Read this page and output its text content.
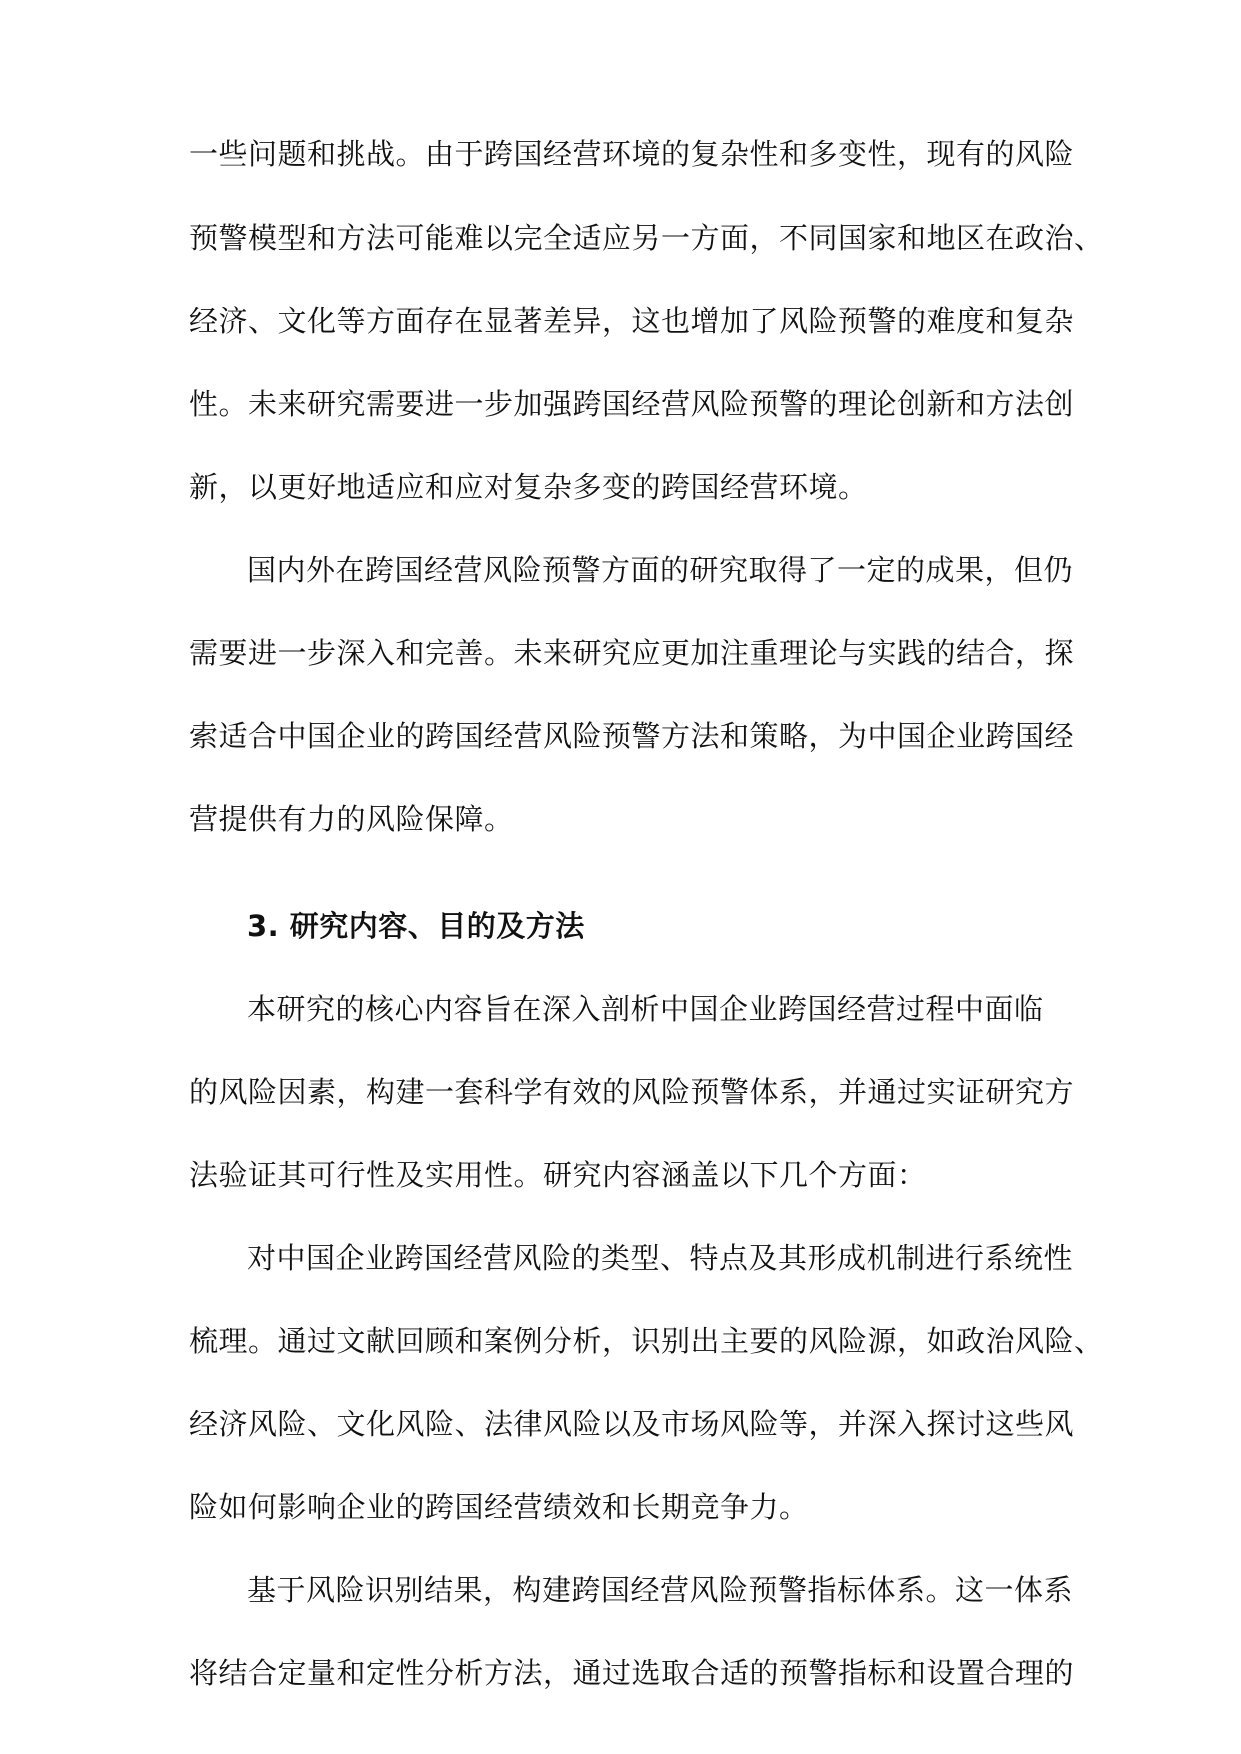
一些问题和挑战。由于跨国经营环境的复杂性和多变性，现有的风险
预警模型和方法可能难以完全适应另一方面，不同国家和地区在政治、
经济、文化等方面存在显著差异，这也增加了风险预警的难度和复杂
性。未来研究需要进一步加强跨国经营风险预警的理论创新和方法创
新，以更好地适应和应对复杂多变的跨国经营环境。
国内外在跨国经营风险预警方面的研究取得了一定的成果，但仍
需要进一步深入和完善。未来研究应更加注重理论与实践的结合，探
索适合中国企业的跨国经营风险预警方法和策略，为中国企业跨国经
营提供有力的风险保障。
3. 研究内容、目的及方法
本研究的核心内容旨在深入剖析中国企业跨国经营过程中面临
的风险因素，构建一套科学有效的风险预警体系，并通过实证研究方
法验证其可行性及实用性。研究内容涵盖以下几个方面：
对中国企业跨国经营风险的类型、特点及其形成机制进行系统性
梳理。通过文献回顾和案例分析，识别出主要的风险源，如政治风险、
经济风险、文化风险、法律风险以及市场风险等，并深入探讨这些风
险如何影响企业的跨国经营绩效和长期竞争力。
基于风险识别结果，构建跨国经营风险预警指标体系。这一体系
将结合定量和定性分析方法，通过选取合适的预警指标和设置合理的
